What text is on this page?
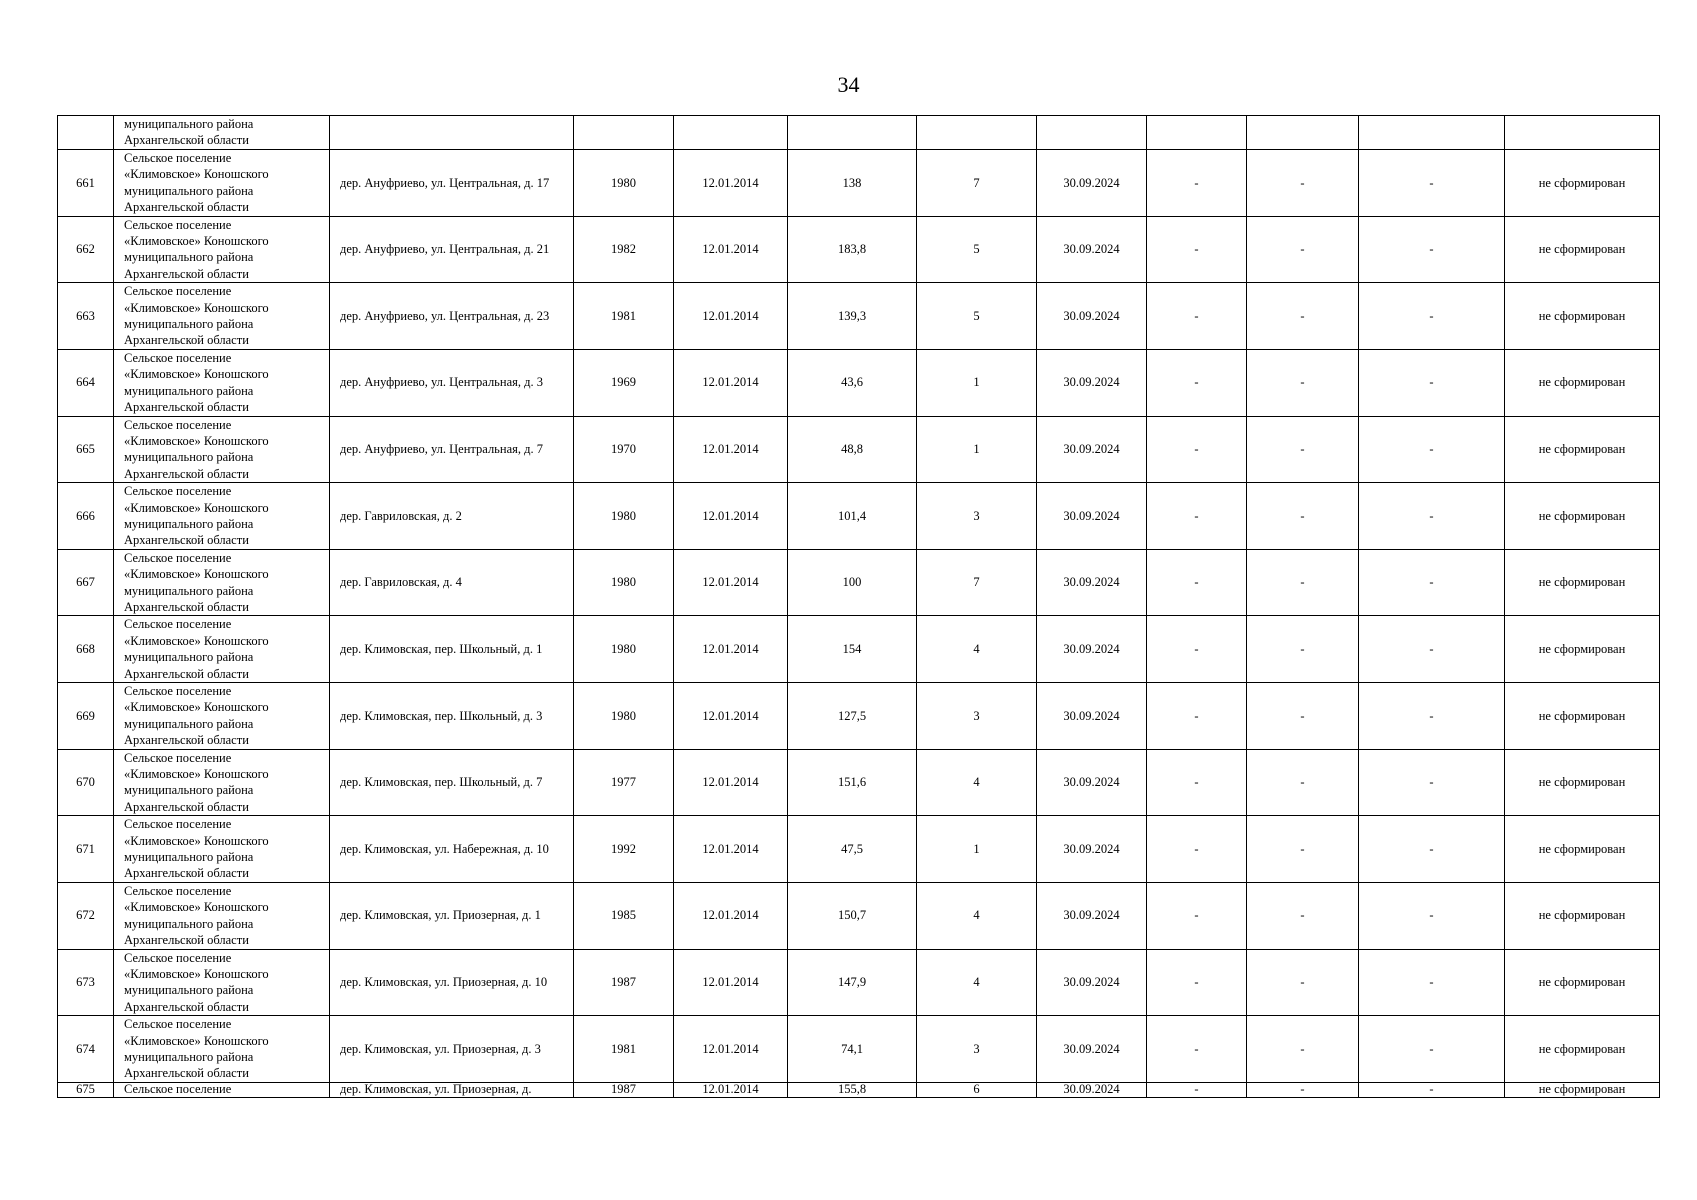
34
	муниципального района
Архангельской области										
661	Сельское поселение
«Климовское» Коношского
муниципального района
Архангельской области	дер. Ануфриево, ул. Центральная, д. 17	1980	12.01.2014	138	7	30.09.2024	-	-	-	не сформирован
662	Сельское поселение
«Климовское» Коношского
муниципального района
Архангельской области	дер. Ануфриево, ул. Центральная, д. 21	1982	12.01.2014	183,8	5	30.09.2024	-	-	-	не сформирован
663	Сельское поселение
«Климовское» Коношского
муниципального района
Архангельской области	дер. Ануфриево, ул. Центральная, д. 23	1981	12.01.2014	139,3	5	30.09.2024	-	-	-	не сформирован
664	Сельское поселение
«Климовское» Коношского
муниципального района
Архангельской области	дер. Ануфриево, ул. Центральная, д. 3	1969	12.01.2014	43,6	1	30.09.2024	-	-	-	не сформирован
665	Сельское поселение
«Климовское» Коношского
муниципального района
Архангельской области	дер. Ануфриево, ул. Центральная, д. 7	1970	12.01.2014	48,8	1	30.09.2024	-	-	-	не сформирован
666	Сельское поселение
«Климовское» Коношского
муниципального района
Архангельской области	дер. Гавриловская, д. 2	1980	12.01.2014	101,4	3	30.09.2024	-	-	-	не сформирован
667	Сельское поселение
«Климовское» Коношского
муниципального района
Архангельской области	дер. Гавриловская, д. 4	1980	12.01.2014	100	7	30.09.2024	-	-	-	не сформирован
668	Сельское поселение
«Климовское» Коношского
муниципального района
Архангельской области	дер. Климовская, пер. Школьный, д. 1	1980	12.01.2014	154	4	30.09.2024	-	-	-	не сформирован
669	Сельское поселение
«Климовское» Коношского
муниципального района
Архангельской области	дер. Климовская, пер. Школьный, д. 3	1980	12.01.2014	127,5	3	30.09.2024	-	-	-	не сформирован
670	Сельское поселение
«Климовское» Коношского
муниципального района
Архангельской области	дер. Климовская, пер. Школьный, д. 7	1977	12.01.2014	151,6	4	30.09.2024	-	-	-	не сформирован
671	Сельское поселение
«Климовское» Коношского
муниципального района
Архангельской области	дер. Климовская, ул. Набережная, д. 10	1992	12.01.2014	47,5	1	30.09.2024	-	-	-	не сформирован
672	Сельское поселение
«Климовское» Коношского
муниципального района
Архангельской области	дер. Климовская, ул. Приозерная, д. 1	1985	12.01.2014	150,7	4	30.09.2024	-	-	-	не сформирован
673	Сельское поселение
«Климовское» Коношского
муниципального района
Архангельской области	дер. Климовская, ул. Приозерная, д. 10	1987	12.01.2014	147,9	4	30.09.2024	-	-	-	не сформирован
674	Сельское поселение
«Климовское» Коношского
муниципального района
Архангельской области	дер. Климовская, ул. Приозерная, д. 3	1981	12.01.2014	74,1	3	30.09.2024	-	-	-	не сформирован
675	Сельское поселение	дер. Климовская, ул. Приозерная, д.	1987	12.01.2014	155,8	6	30.09.2024	-	-	-	не сформирован
